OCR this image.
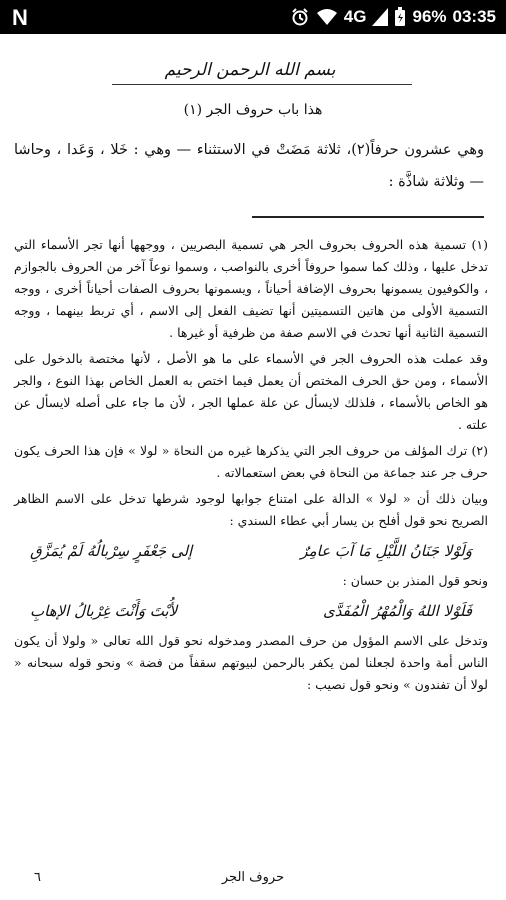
N	4G	96% 03:35
بسم الله الرحمن الرحيم
هذا باب حروف الجر (١)

وهي عشرون حرفاً(٢)، ثلاثة مَضَتْ في الاستثناء — وهي : خَلا ، وَعَدا ، وحاشا — وثلاثة شاذَّة :

(١) تسمية هذه الحروف بحروف الجر هي تسمية البصريين ، ووجهها أنها تجر الأسماء التي تدخل عليها ، وذلك كما سموا حروفاً أخرى بالنواصب ، وسموا نوعاً آخر من الحروف بالجوازم ، والكوفيون يسمونها بحروف الإضافة أحياناً ، ويسمونها بحروف الصفات أحياناً أخرى ، ووجه التسمية الأولى من هاتين التسميتين أنها تضيف الفعل إلى الاسم ، أي تربط بينهما ، ووجه التسمية الثانية أنها تحدث في الاسم صفة من ظرفية أو غيرها .

وقد عملت هذه الحروف الجر في الأسماء على ما هو الأصل ، لأنها مختصة بالدخول على الأسماء ، ومن حق الحرف المختص أن يعمل فيما اختص به العمل الخاص بهذا النوع ، والجر هو الخاص بالأسماء ، فلذلك لايسأل عن علة عملها الجر ، لأن ما جاء على أصله لايسأل عن علته .

(٢) ترك المؤلف من حروف الجر التي يذكرها غيره من النحاة « لولا » فإن هذا الحرف يكون حرف جر عند جماعة من النحاة في بعض استعمالاته .

وبيان ذلك أن « لولا » الدالة على امتناع جوابها لوجود شرطها تدخل على الاسم الظاهر الصريح نحو قول أفلح بن يسار أبي عطاء السندي :

وَلَوْلا جَنَانُ اللَّيْلِ مَا آبَ عامِرٌ
إلى جَعْفَرٍ سِرْبالُهُ لَمْ يُمَزَّقِ

ونحو قول المنذر بن حسان :

فَلَوْلا اللهُ وَالْمُهْرُ الْمُفَدَّى
لأُبْتَ وَأَنْتَ غِرْبالُ الإهابِ

وتدخل على الاسم المؤول من حرف المصدر ومدخوله نحو قول الله تعالى « ولولا أن يكون الناس أمة واحدة لجعلنا لمن يكفر بالرحمن لبيوتهم سقفاً من فضة » ونحو قوله سبحانه « لولا أن تفندون » ونحو قول نصيب :

حروف الجر
٦
